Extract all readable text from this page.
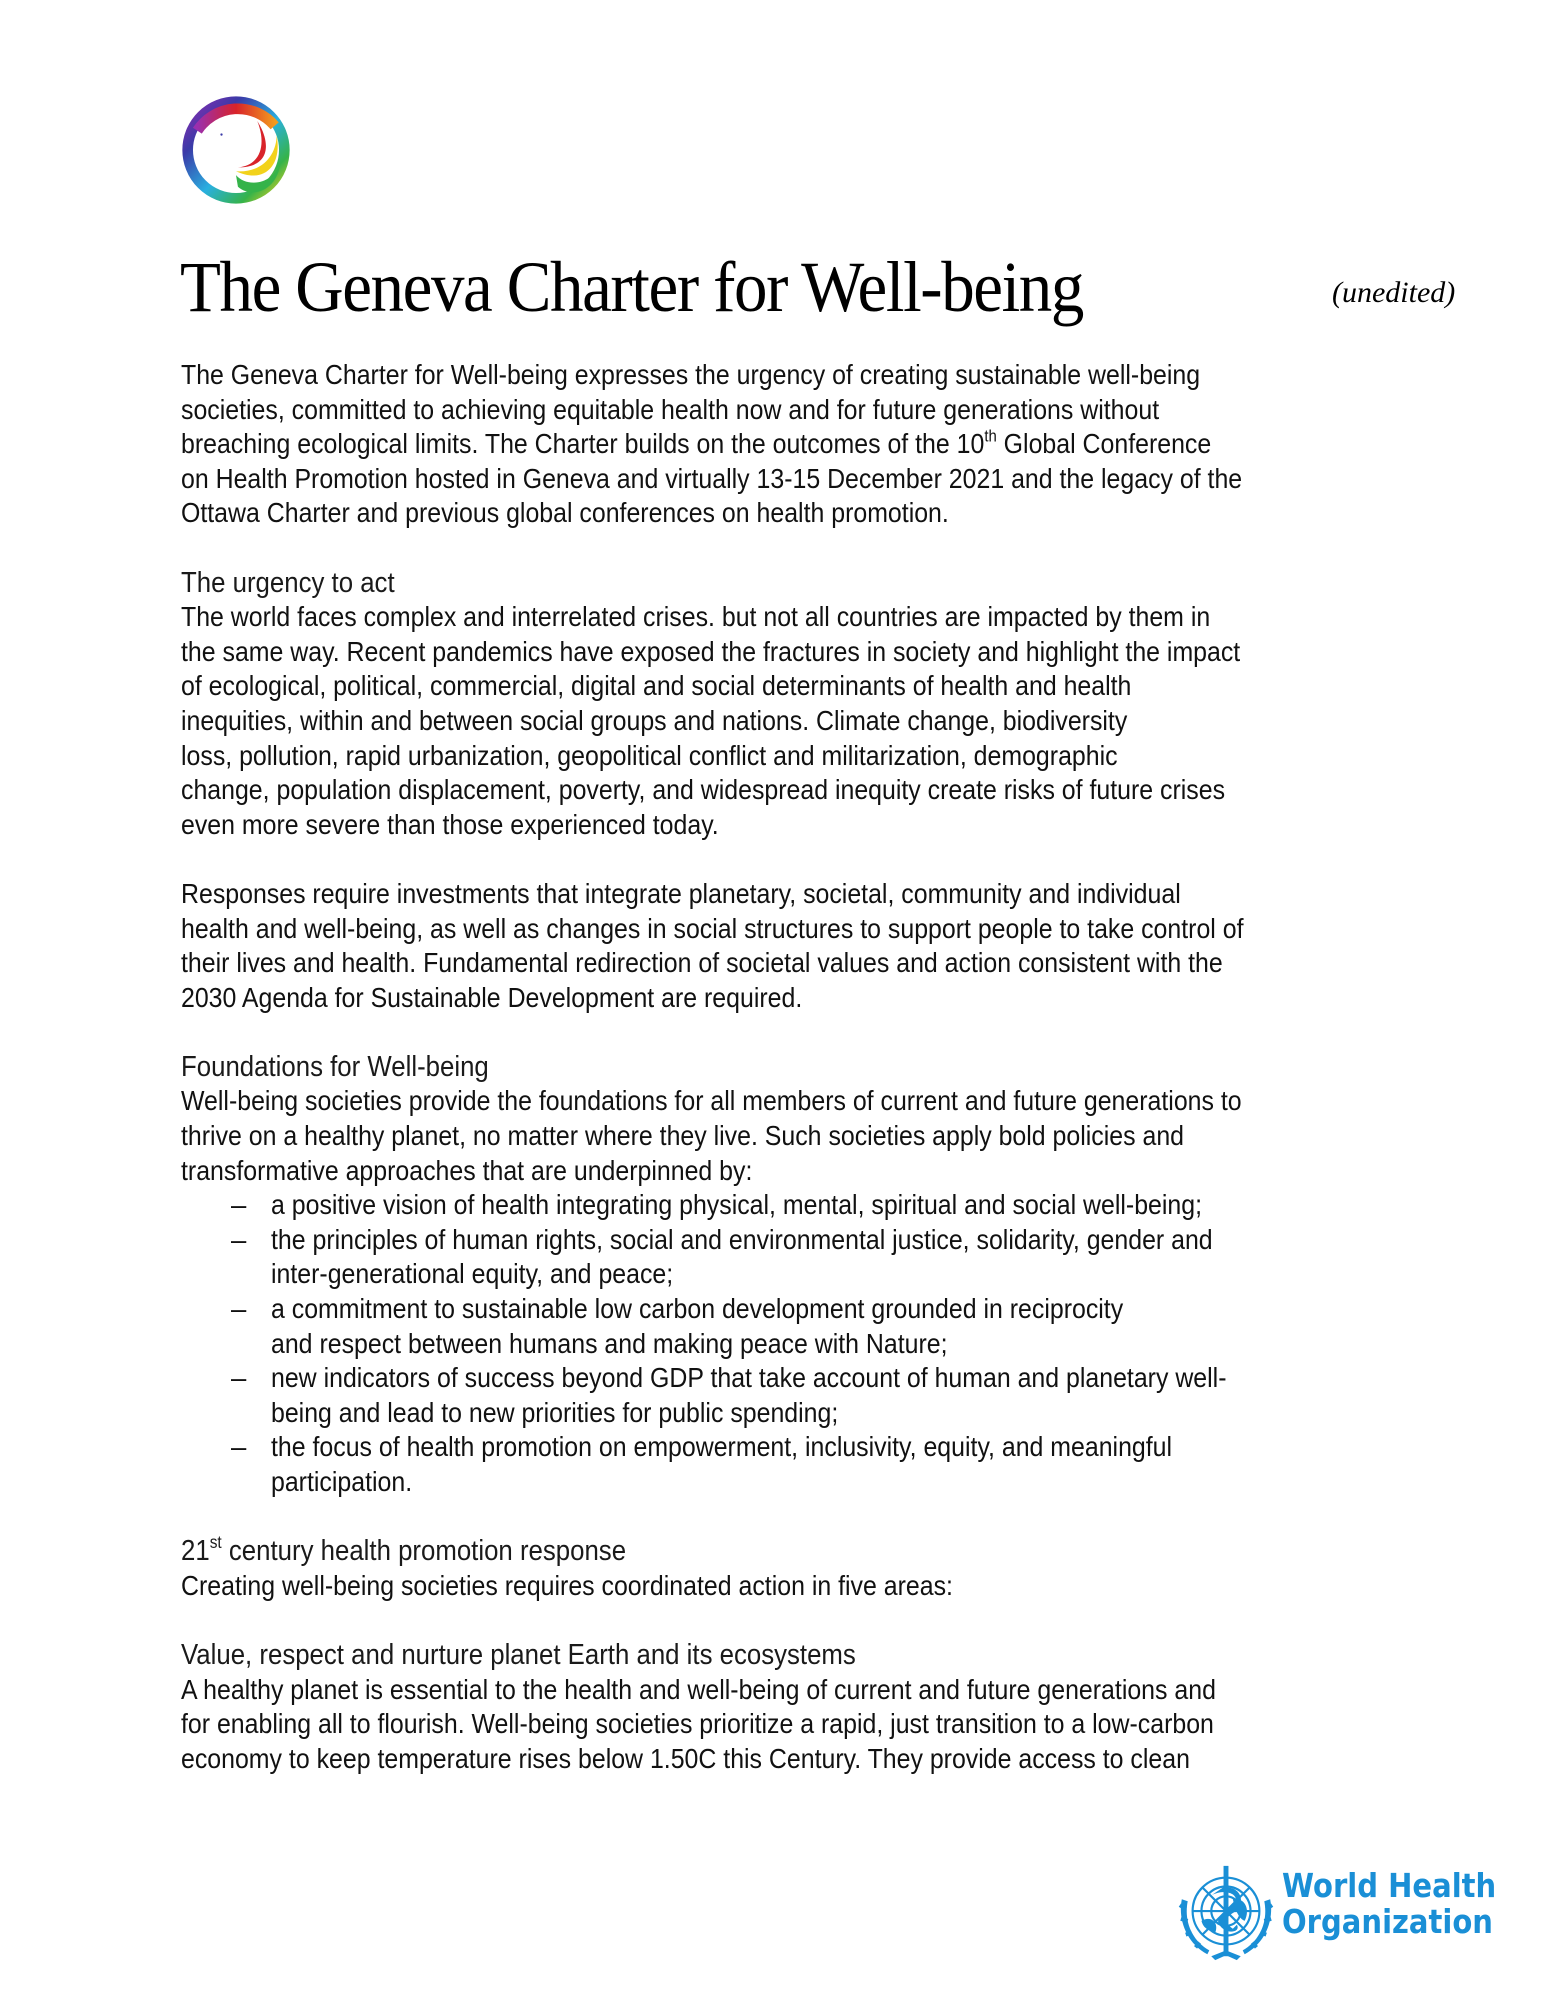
The Geneva Charter for Well-being	(unedited)
The Geneva Charter for Well-being expresses the urgency of creating sustainable well-being
societies, committed to achieving equitable health now and for future generations without
breaching ecological limits. The Charter builds on the outcomes of the 10th Global Conference
on Health Promotion hosted in Geneva and virtually 13-15 December 2021 and the legacy of the
Ottawa Charter and previous global conferences on health promotion.
The urgency to act
The world faces complex and interrelated crises. but not all countries are impacted by them in
the same way. Recent pandemics have exposed the fractures in society and highlight the impact
of ecological, political, commercial, digital and social determinants of health and health
inequities, within and between social groups and nations. Climate change, biodiversity
loss, pollution, rapid urbanization, geopolitical conflict and militarization, demographic
change, population displacement, poverty, and widespread inequity create risks of future crises
even more severe than those experienced today.
Responses require investments that integrate planetary, societal, community and individual
health and well-being, as well as changes in social structures to support people to take control of
their lives and health. Fundamental redirection of societal values and action consistent with the
2030 Agenda for Sustainable Development are required.
Foundations for Well-being
Well-being societies provide the foundations for all members of current and future generations to
thrive on a healthy planet, no matter where they live. Such societies apply bold policies and
transformative approaches that are underpinned by:
– a positive vision of health integrating physical, mental, spiritual and social well-being;
– the principles of human rights, social and environmental justice, solidarity, gender and
inter-generational equity, and peace;
– a commitment to sustainable low carbon development grounded in reciprocity
and respect between humans and making peace with Nature;
– new indicators of success beyond GDP that take account of human and planetary well-
being and lead to new priorities for public spending;
– the focus of health promotion on empowerment, inclusivity, equity, and meaningful
participation.
21st century health promotion response
Creating well-being societies requires coordinated action in five areas:
Value, respect and nurture planet Earth and its ecosystems
A healthy planet is essential to the health and well-being of current and future generations and
for enabling all to flourish. Well-being societies prioritize a rapid, just transition to a low-carbon
economy to keep temperature rises below 1.50C this Century. They provide access to clean
World Health
Organization
